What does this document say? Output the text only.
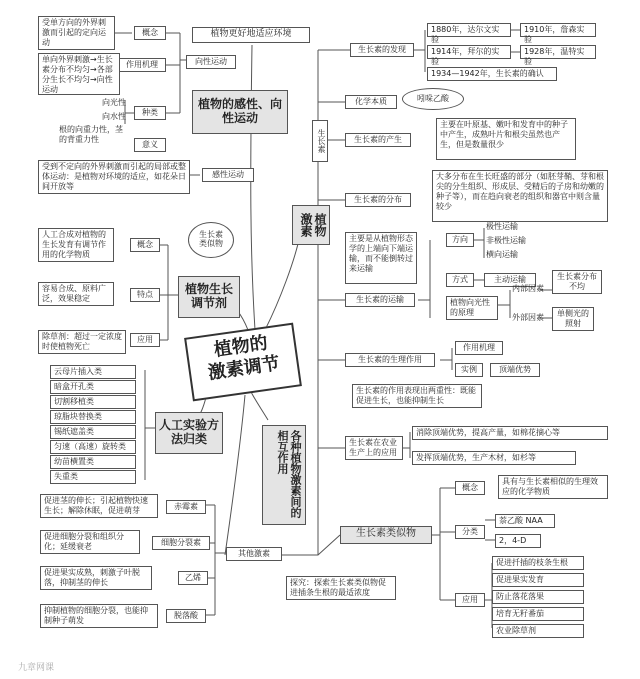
植物的
激素调节
植物更好地适应环境
植物激素
生长素
向性运动
植物的感性、向性运动
概念
受单方向的外界刺激而引起的定向运动
作用机理
单向外界刺激→生长素分布不均匀→各部分生长不均匀→向性运动
种类
向光性
向水性
根的向重力性，茎的背重力性
意义
感性运动
受到不定向的外界刺激而引起的局部或整体运动：是植物对环境的适应，如花朵日间开放等
生长素类似物
植物生长调节剂
概念
人工合成对植物的生长发育有调节作用的化学物质
特点
容易合成、原料广泛，效果稳定
应用
除草剂：超过一定浓度时使植物死亡
人工实验方法归类
云母片插入类
暗盒开孔类
切割移植类
琼脂块替换类
锡纸遮盖类
匀速（高速）旋转类
幼苗横置类
失重类	各种植物激素间的相互作用
其他激素
赤霉素
促进茎的伸长；引起植物快速生长；解除休眠，促进萌芽
细胞分裂素
促进细胞分裂和组织分化；延缓衰老
乙烯
促进果实成熟，刺激子叶脱落，抑制茎的伸长
脱落酸
抑制植物的细胞分裂，也能抑制种子萌发
生长素的发现
1880年，达尔文实验
1910年，詹森实验
1914年，拜尔的实验
1928年，温特实验
1934—1942年，生长素的确认
化学本质	吲哚乙酸
生长素的产生
主要在叶原基、嫩叶和发育中的种子中产生，成熟叶片和根尖虽然也产生，但是数量很少
生长素的分布
大多分布在生长旺盛的部分（如胚芽鞘、芽和根尖的分生组织、形成层、受精后的子房和幼嫩的种子等），而在趋向衰老的组织和器官中则含量较少
生长素的运输
主要是从植物形态学的上端向下端运输，而不能倒转过来运输
方向
极性运输
非极性运输
横向运输
方式	主动运输
植物向光性的原理
内部因素
外部因素
生长素分布不均
单侧光的照射
生长素的生理作用
作用机理
实例	顶端优势
生长素的作用表现出两重性：既能促进生长，也能抑制生长
生长素在农业生产上的应用
消除顶端优势，提高产量，如棉花摘心等
发挥顶端优势，生产木材，如杉等
生长素类似物
概念
具有与生长素相似的生理效应的化学物质
分类
萘乙酸 NAA
2，4-D
探究：探索生长素类似物促进插条生根的最适浓度
应用
促进扦插的枝条生根
促进果实发育
防止落花落果
培育无籽番茄
农业除草剂
九章网课
